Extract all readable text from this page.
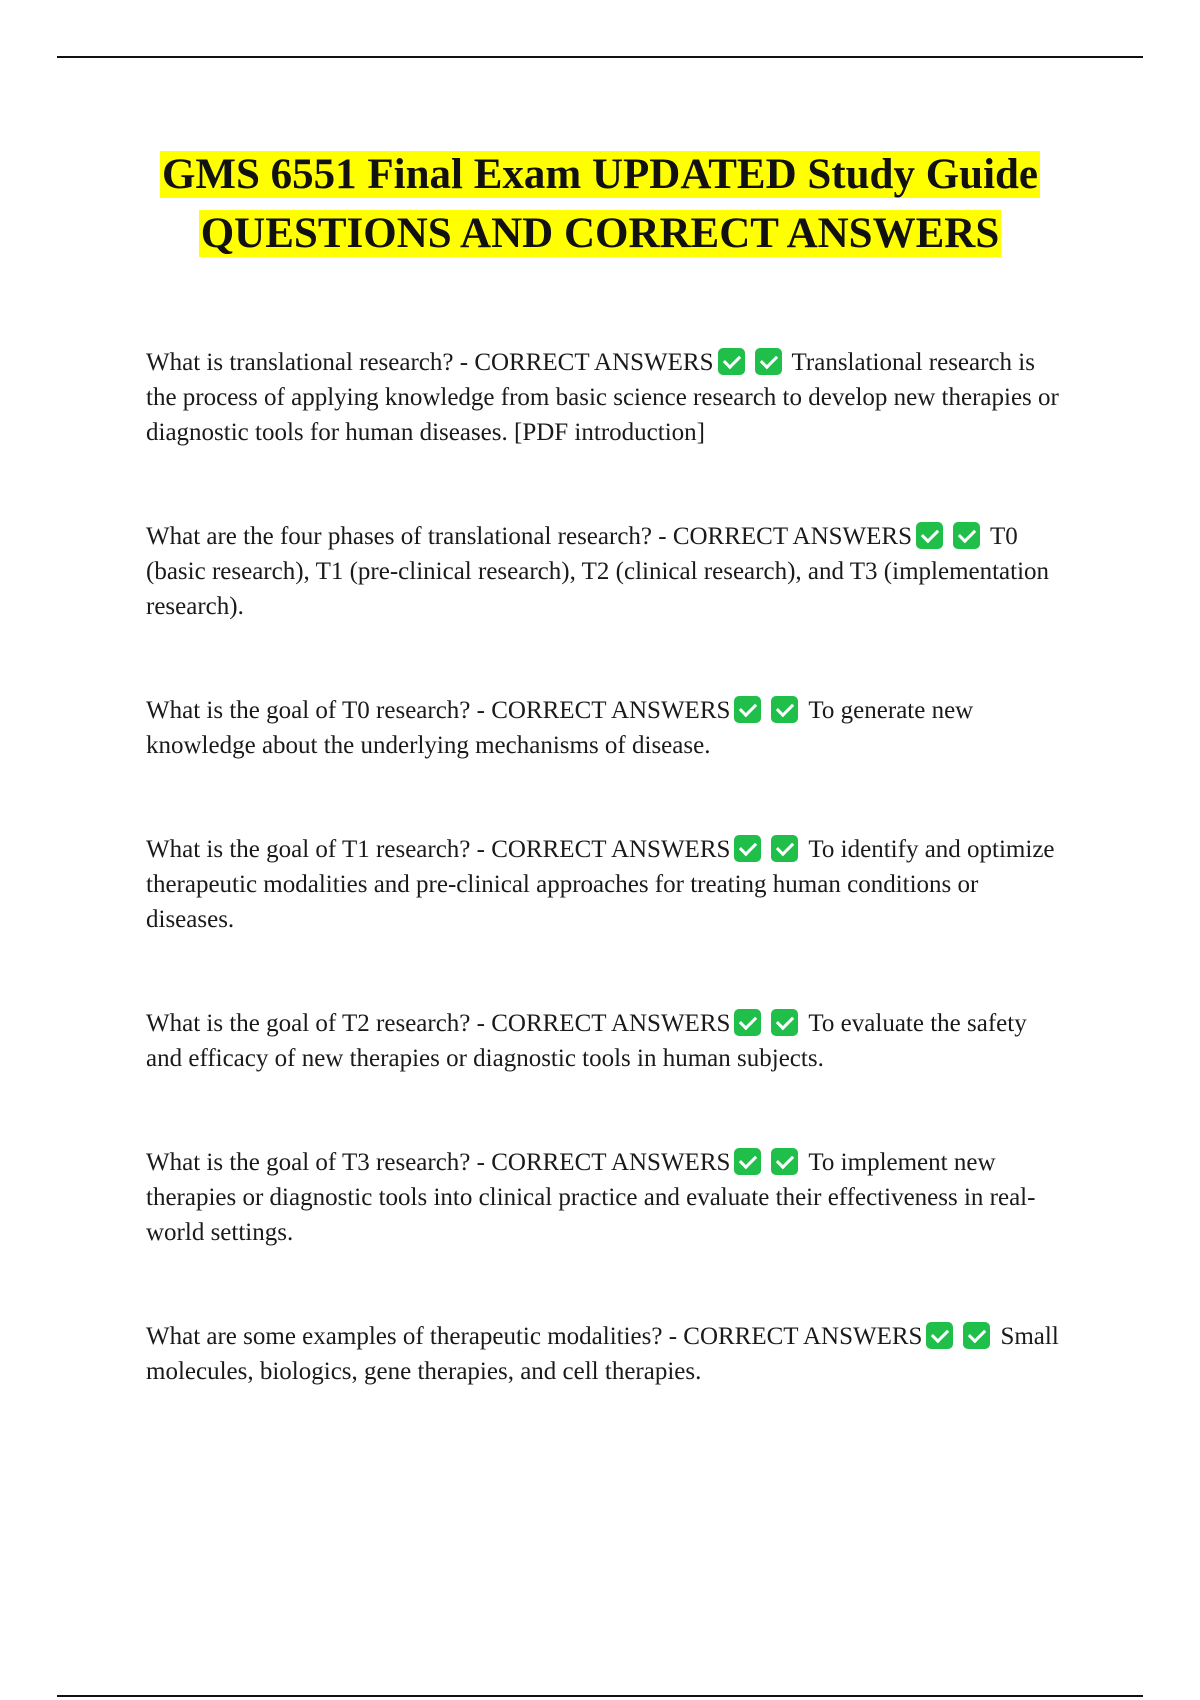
GMS 6551 Final Exam UPDATED Study Guide QUESTIONS AND CORRECT ANSWERS

What is translational research? - CORRECT ANSWERS	Translational research is the process of applying knowledge from basic science research to develop new therapies or diagnostic tools for human diseases. [PDF introduction]

What are the four phases of translational research? - CORRECT ANSWERS	T0 (basic research), T1 (pre-clinical research), T2 (clinical research), and T3 (implementation research).

What is the goal of T0 research? - CORRECT ANSWERS	To generate new knowledge about the underlying mechanisms of disease.

What is the goal of T1 research? - CORRECT ANSWERS	To identify and optimize therapeutic modalities and pre-clinical approaches for treating human conditions or diseases.

What is the goal of T2 research? - CORRECT ANSWERS	To evaluate the safety and efficacy of new therapies or diagnostic tools in human subjects.

What is the goal of T3 research? - CORRECT ANSWERS	To implement new therapies or diagnostic tools into clinical practice and evaluate their effectiveness in real-world settings.

What are some examples of therapeutic modalities? - CORRECT ANSWERS	Small molecules, biologics, gene therapies, and cell therapies.
